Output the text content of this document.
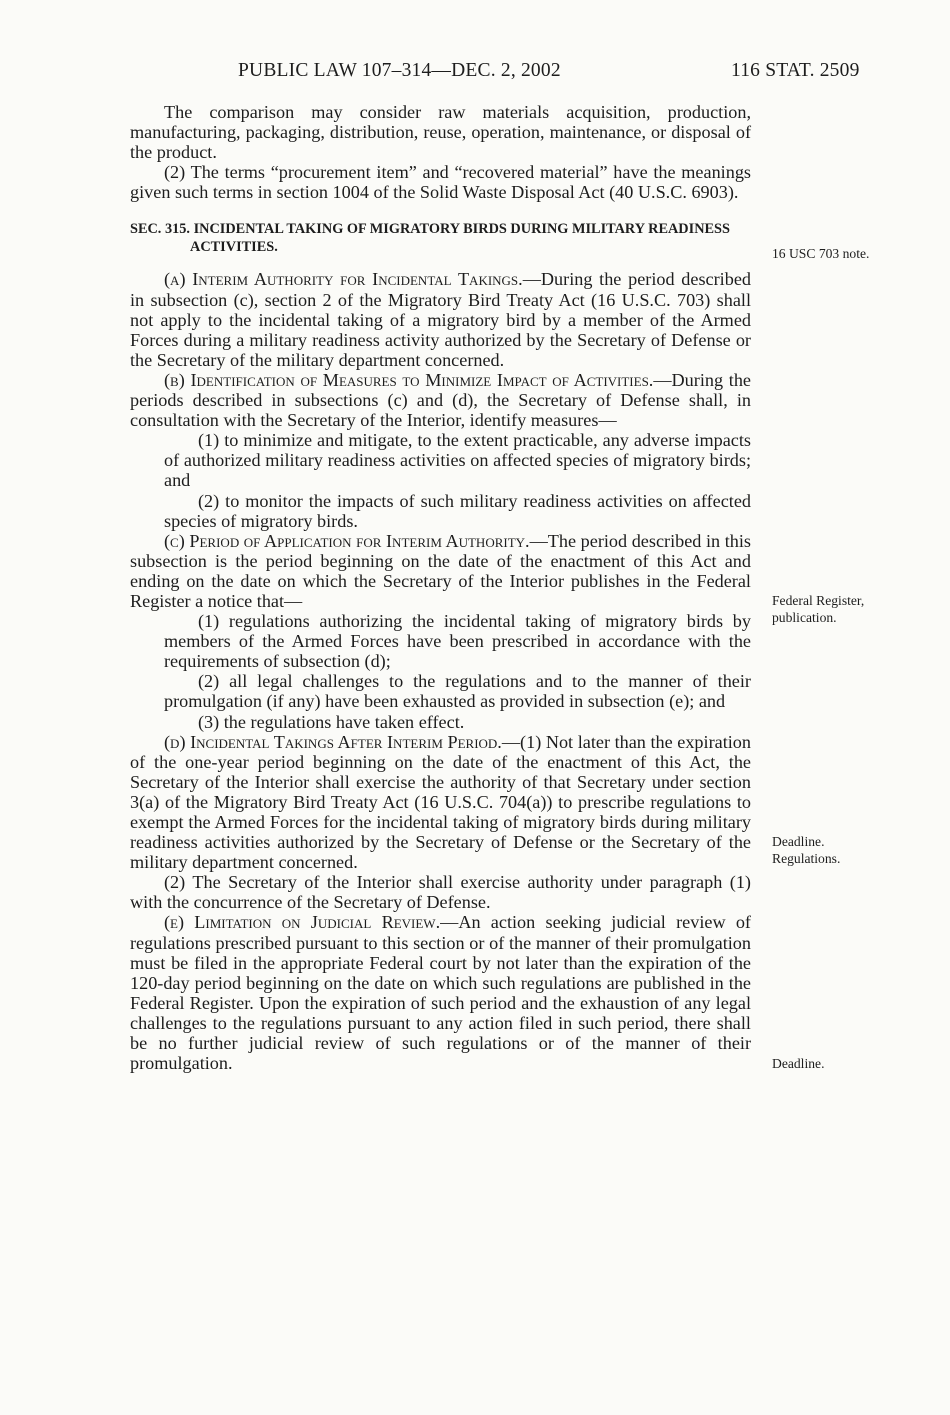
PUBLIC LAW 107–314—DEC. 2, 2002	116 STAT. 2509
16 USC 703 note.
Federal Register,
publication.
Deadline.
Regulations.
Deadline.

The comparison may consider raw materials acquisition, production, manufacturing, packaging, distribution, reuse, operation, maintenance, or disposal of the product.

(2) The terms “procurement item” and “recovered material” have the meanings given such terms in section 1004 of the Solid Waste Disposal Act (40 U.S.C. 6903).

SEC. 315. INCIDENTAL TAKING OF MIGRATORY BIRDS DURING MILITARY READINESS ACTIVITIES.

(a) Interim Authority for Incidental Takings.—During the period described in subsection (c), section 2 of the Migratory Bird Treaty Act (16 U.S.C. 703) shall not apply to the incidental taking of a migratory bird by a member of the Armed Forces during a military readiness activity authorized by the Secretary of Defense or the Secretary of the military department concerned.

(b) Identification of Measures to Minimize Impact of Activities.—During the periods described in subsections (c) and (d), the Secretary of Defense shall, in consultation with the Secretary of the Interior, identify measures—

(1) to minimize and mitigate, to the extent practicable, any adverse impacts of authorized military readiness activities on affected species of migratory birds; and

(2) to monitor the impacts of such military readiness activities on affected species of migratory birds.

(c) Period of Application for Interim Authority.—The period described in this subsection is the period beginning on the date of the enactment of this Act and ending on the date on which the Secretary of the Interior publishes in the Federal Register a notice that—

(1) regulations authorizing the incidental taking of migratory birds by members of the Armed Forces have been prescribed in accordance with the requirements of subsection (d);

(2) all legal challenges to the regulations and to the manner of their promulgation (if any) have been exhausted as provided in subsection (e); and

(3) the regulations have taken effect.

(d) Incidental Takings After Interim Period.—(1) Not later than the expiration of the one-year period beginning on the date of the enactment of this Act, the Secretary of the Interior shall exercise the authority of that Secretary under section 3(a) of the Migratory Bird Treaty Act (16 U.S.C. 704(a)) to prescribe regulations to exempt the Armed Forces for the incidental taking of migratory birds during military readiness activities authorized by the Secretary of Defense or the Secretary of the military department concerned.

(2) The Secretary of the Interior shall exercise authority under paragraph (1) with the concurrence of the Secretary of Defense.

(e) Limitation on Judicial Review.—An action seeking judicial review of regulations prescribed pursuant to this section or of the manner of their promulgation must be filed in the appropriate Federal court by not later than the expiration of the 120-day period beginning on the date on which such regulations are published in the Federal Register. Upon the expiration of such period and the exhaustion of any legal challenges to the regulations pursuant to any action filed in such period, there shall be no further judicial review of such regulations or of the manner of their promulgation.
